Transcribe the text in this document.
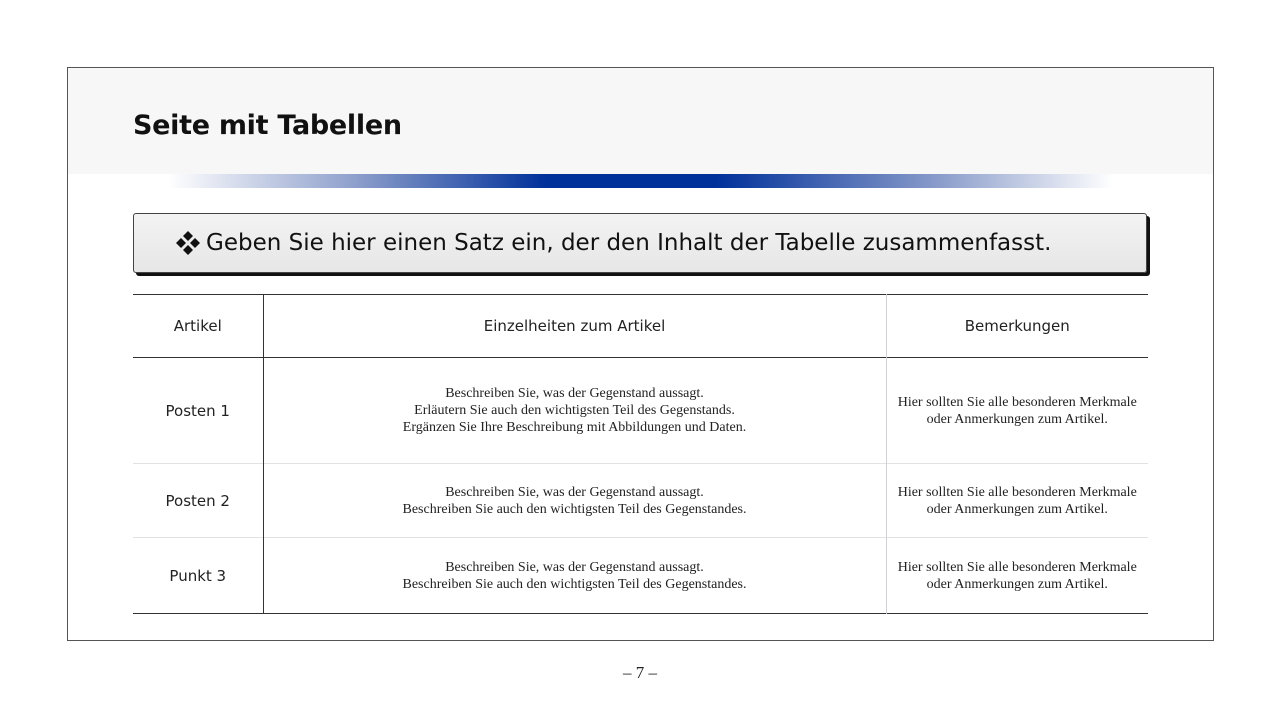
Seite mit Tabellen
Geben Sie hier einen Satz ein, der den Inhalt der Tabelle zusammenfasst.
Artikel	Einzelheiten zum Artikel	Bemerkungen
Posten 1	Beschreiben Sie, was der Gegenstand aussagt.
Erläutern Sie auch den wichtigsten Teil des Gegenstands.
Ergänzen Sie Ihre Beschreibung mit Abbildungen und Daten.	Hier sollten Sie alle besonderen Merkmale
oder Anmerkungen zum Artikel.

Posten 2	Beschreiben Sie, was der Gegenstand aussagt.
Beschreiben Sie auch den wichtigsten Teil des Gegenstandes.	Hier sollten Sie alle besonderen Merkmale
oder Anmerkungen zum Artikel.

Punkt 3	Beschreiben Sie, was der Gegenstand aussagt.
Beschreiben Sie auch den wichtigsten Teil des Gegenstandes.	Hier sollten Sie alle besonderen Merkmale
oder Anmerkungen zum Artikel.
– 7 –
